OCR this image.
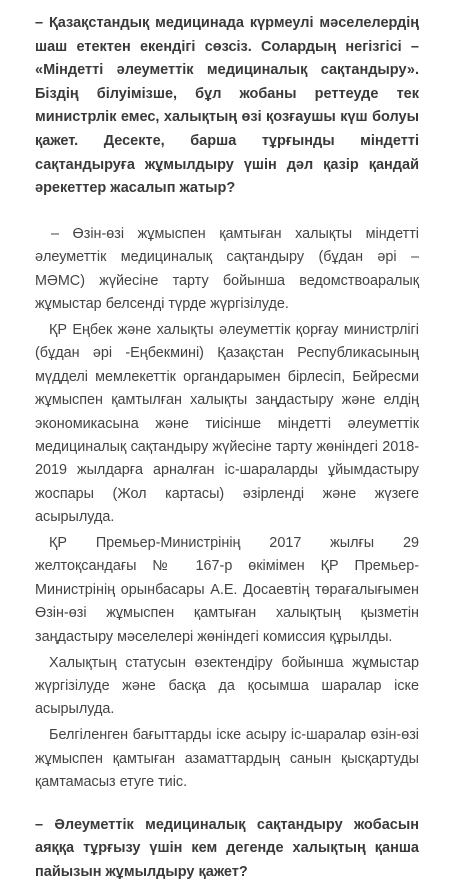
– Қазақстандық медицинада күрмеулі мәселелердің шаш етектен екендігі сөзсіз. Солардың негізгісі – «Міндетті әлеуметтік медициналық сақтандыру». Біздің білуімізше, бұл жобаны реттеуде тек министрлік емес, халықтың өзі қозғаушы күш болуы қажет. Десекте, барша тұрғынды міндетті сақтандыруға жұмылдыру үшін дәл қазір қандай әрекеттер жасалып жатыр?

– Өзін-өзі жұмыспен қамтыған халықты міндетті әлеуметтік медициналық сақтандыру (бұдан әрі – МӘМС) жүйесіне тарту бойынша ведомствоаралық жұмыстар белсенді түрде жүргізілуде.

ҚР Еңбек және халықты әлеуметтік қорғау министрлігі (бұдан әрі -Еңбекмині) Қазақстан Республикасының мүдделі мемлекеттік органдарымен бірлесіп, Бейресми жұмыспен қамтылған халықты заңдастыру және елдің экономикасына және тиісінше міндетті әлеуметтік медициналық сақтандыру жүйесіне тарту жөніндегі 2018-2019 жылдарға арналған іс-шараларды ұйымдастыру жоспары (Жол картасы) әзірленді және жүзеге асырылуда.

ҚР Премьер-Министрінің 2017 жылғы 29 желтоқсандағы № 167-р өкімімен ҚР Премьер-Министрінің орынбасары А.Е. Досаевтің төрағалығымен Өзін-өзі жұмыспен қамтыған халықтың қызметін заңдастыру мәселелері жөніндегі комиссия құрылды.

Халықтың статусын өзектендіру бойынша жұмыстар жүргізілуде және басқа да қосымша шаралар іске асырылуда.

Белгіленген бағыттарды іске асыру іс-шаралар өзін-өзі жұмыспен қамтыған азаматтардың санын қысқартуды қамтамасыз етуге тиіс.

– Әлеуметтік медициналық сақтандыру жобасын аяққа тұрғызу үшін кем дегенде халықтың қанша пайызын жұмылдыру қажет?
